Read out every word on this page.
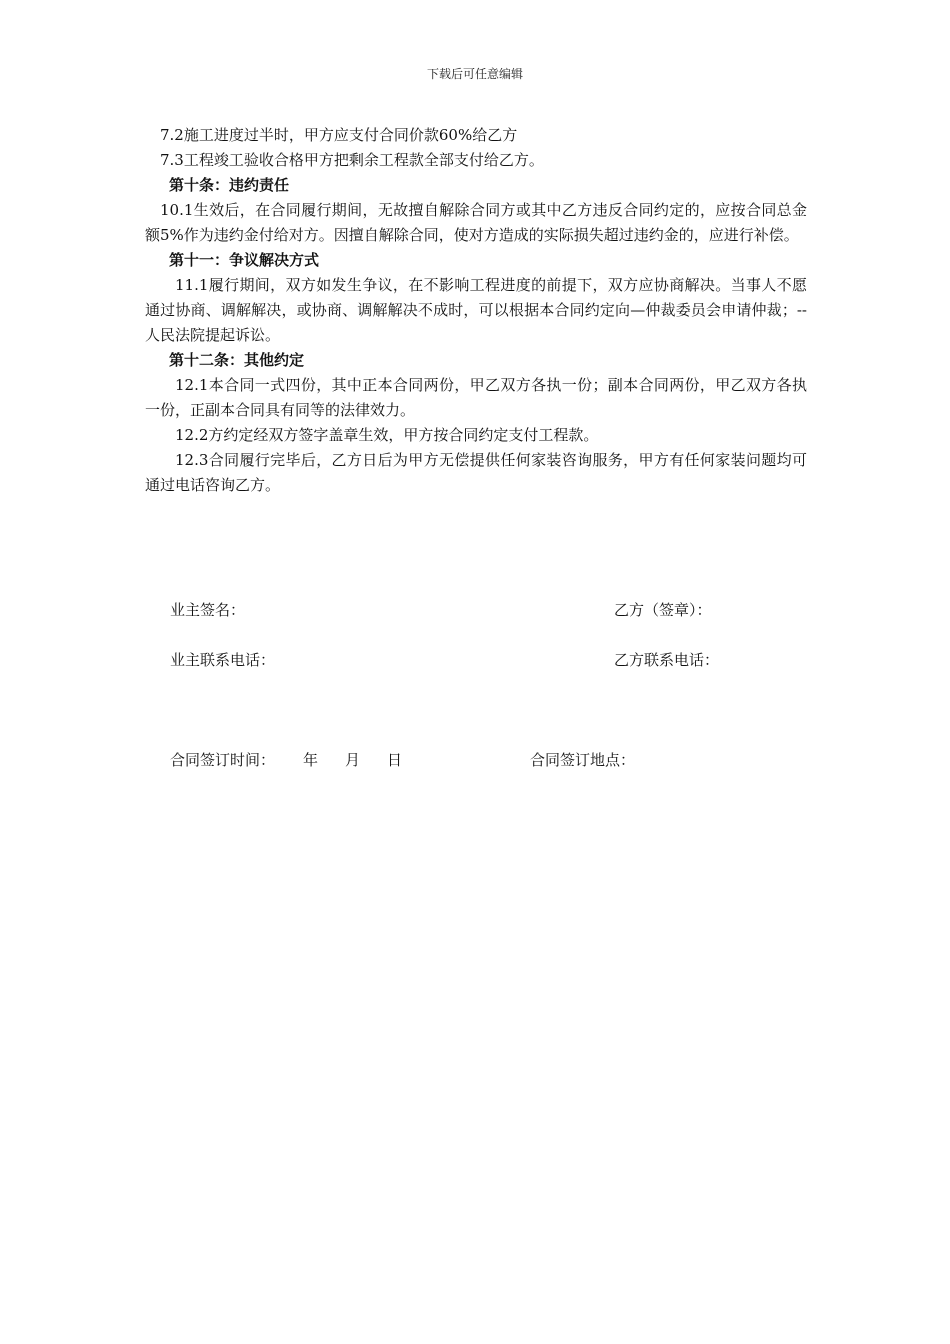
下载后可任意编辑

7.2施工进度过半时，甲方应支付合同价款60%给乙方

7.3工程竣工验收合格甲方把剩余工程款全部支付给乙方。

第十条：违约责任

10.1生效后，在合同履行期间，无故擅自解除合同方或其中乙方违反合同约定的，应按合同总金额5%作为违约金付给对方。因擅自解除合同，使对方造成的实际损失超过违约金的，应进行补偿。

第十一：争议解决方式

11.1履行期间，双方如发生争议，在不影响工程进度的前提下，双方应协商解决。当事人不愿通过协商、调解解决，或协商、调解解决不成时，可以根据本合同约定向—仲裁委员会申请仲裁；--人民法院提起诉讼。

第十二条：其他约定

12.1本合同一式四份，其中正本合同两份，甲乙双方各执一份；副本合同两份，甲乙双方各执一份，正副本合同具有同等的法律效力。

12.2方约定经双方签字盖章生效，甲方按合同约定支付工程款。

12.3合同履行完毕后，乙方日后为甲方无偿提供任何家装咨询服务，甲方有任何家装问题均可通过电话咨询乙方。

业主签名：	乙方（签章）：
业主联系电话：	乙方联系电话：
合同签订时间： 年 月 日	合同签订地点：
